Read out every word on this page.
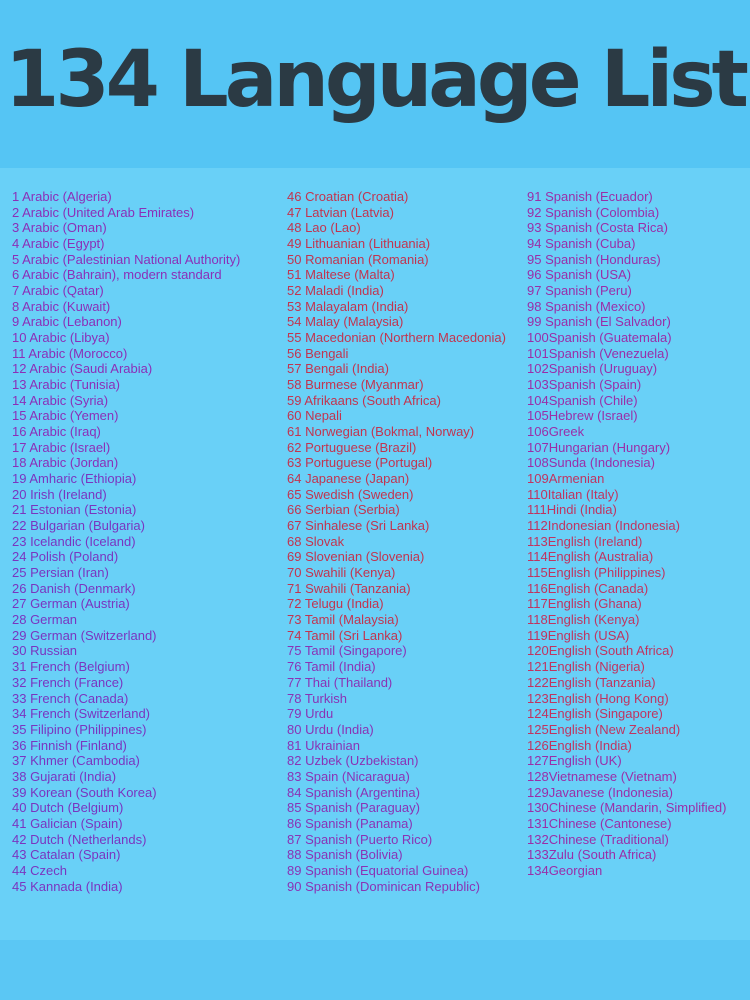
134 Language List
1 Arabic (Algeria)
2 Arabic (United Arab Emirates)
3 Arabic (Oman)
4 Arabic (Egypt)
5 Arabic (Palestinian National Authority)
6 Arabic (Bahrain), modern standard
7 Arabic (Qatar)
8 Arabic (Kuwait)
9 Arabic (Lebanon)
10 Arabic (Libya)
11 Arabic (Morocco)
12 Arabic (Saudi Arabia)
13 Arabic (Tunisia)
14 Arabic (Syria)
15 Arabic (Yemen)
16 Arabic (Iraq)
17 Arabic (Israel)
18 Arabic (Jordan)
19 Amharic (Ethiopia)
20 Irish (Ireland)
21 Estonian (Estonia)
22 Bulgarian (Bulgaria)
23 Icelandic (Iceland)
24 Polish (Poland)
25 Persian (Iran)
26 Danish (Denmark)
27 German (Austria)
28 German
29 German (Switzerland)
30 Russian
31 French (Belgium)
32 French (France)
33 French (Canada)
34 French (Switzerland)
35 Filipino (Philippines)
36 Finnish (Finland)
37 Khmer (Cambodia)
38 Gujarati (India)
39 Korean (South Korea)
40 Dutch (Belgium)
41 Galician (Spain)
42 Dutch (Netherlands)
43 Catalan (Spain)
44 Czech
45 Kannada (India)
46 Croatian (Croatia)
47 Latvian (Latvia)
48 Lao (Lao)
49 Lithuanian (Lithuania)
50 Romanian (Romania)
51 Maltese (Malta)
52 Maladi (India)
53 Malayalam (India)
54 Malay (Malaysia)
55 Macedonian (Northern Macedonia)
56 Bengali
57 Bengali (India)
58 Burmese (Myanmar)
59 Afrikaans (South Africa)
60 Nepali
61 Norwegian (Bokmal, Norway)
62 Portuguese (Brazil)
63 Portuguese (Portugal)
64 Japanese (Japan)
65 Swedish (Sweden)
66 Serbian (Serbia)
67 Sinhalese (Sri Lanka)
68 Slovak
69 Slovenian (Slovenia)
70 Swahili (Kenya)
71 Swahili (Tanzania)
72 Telugu (India)
73 Tamil (Malaysia)
74 Tamil (Sri Lanka)
75 Tamil (Singapore)
76 Tamil (India)
77 Thai (Thailand)
78 Turkish
79 Urdu
80 Urdu (India)
81 Ukrainian
82 Uzbek (Uzbekistan)
83 Spain (Nicaragua)
84 Spanish (Argentina)
85 Spanish (Paraguay)
86 Spanish (Panama)
87 Spanish (Puerto Rico)
88 Spanish (Bolivia)
89 Spanish (Equatorial Guinea)
90 Spanish (Dominican Republic)
91 Spanish (Ecuador)
92 Spanish (Colombia)
93 Spanish (Costa Rica)
94 Spanish (Cuba)
95 Spanish (Honduras)
96 Spanish (USA)
97 Spanish (Peru)
98 Spanish (Mexico)
99 Spanish (El Salvador)
100Spanish (Guatemala)
101Spanish (Venezuela)
102Spanish (Uruguay)
103Spanish (Spain)
104Spanish (Chile)
105Hebrew (Israel)
106Greek
107Hungarian (Hungary)
108Sunda (Indonesia)
109Armenian
110Italian (Italy)
111Hindi (India)
112Indonesian (Indonesia)
113English (Ireland)
114English (Australia)
115English (Philippines)
116English (Canada)
117English (Ghana)
118English (Kenya)
119English (USA)
120English (South Africa)
121English (Nigeria)
122English (Tanzania)
123English (Hong Kong)
124English (Singapore)
125English (New Zealand)
126English (India)
127English (UK)
128Vietnamese (Vietnam)
129Javanese (Indonesia)
130Chinese (Mandarin, Simplified)
131Chinese (Cantonese)
132Chinese (Traditional)
133Zulu (South Africa)
134Georgian
